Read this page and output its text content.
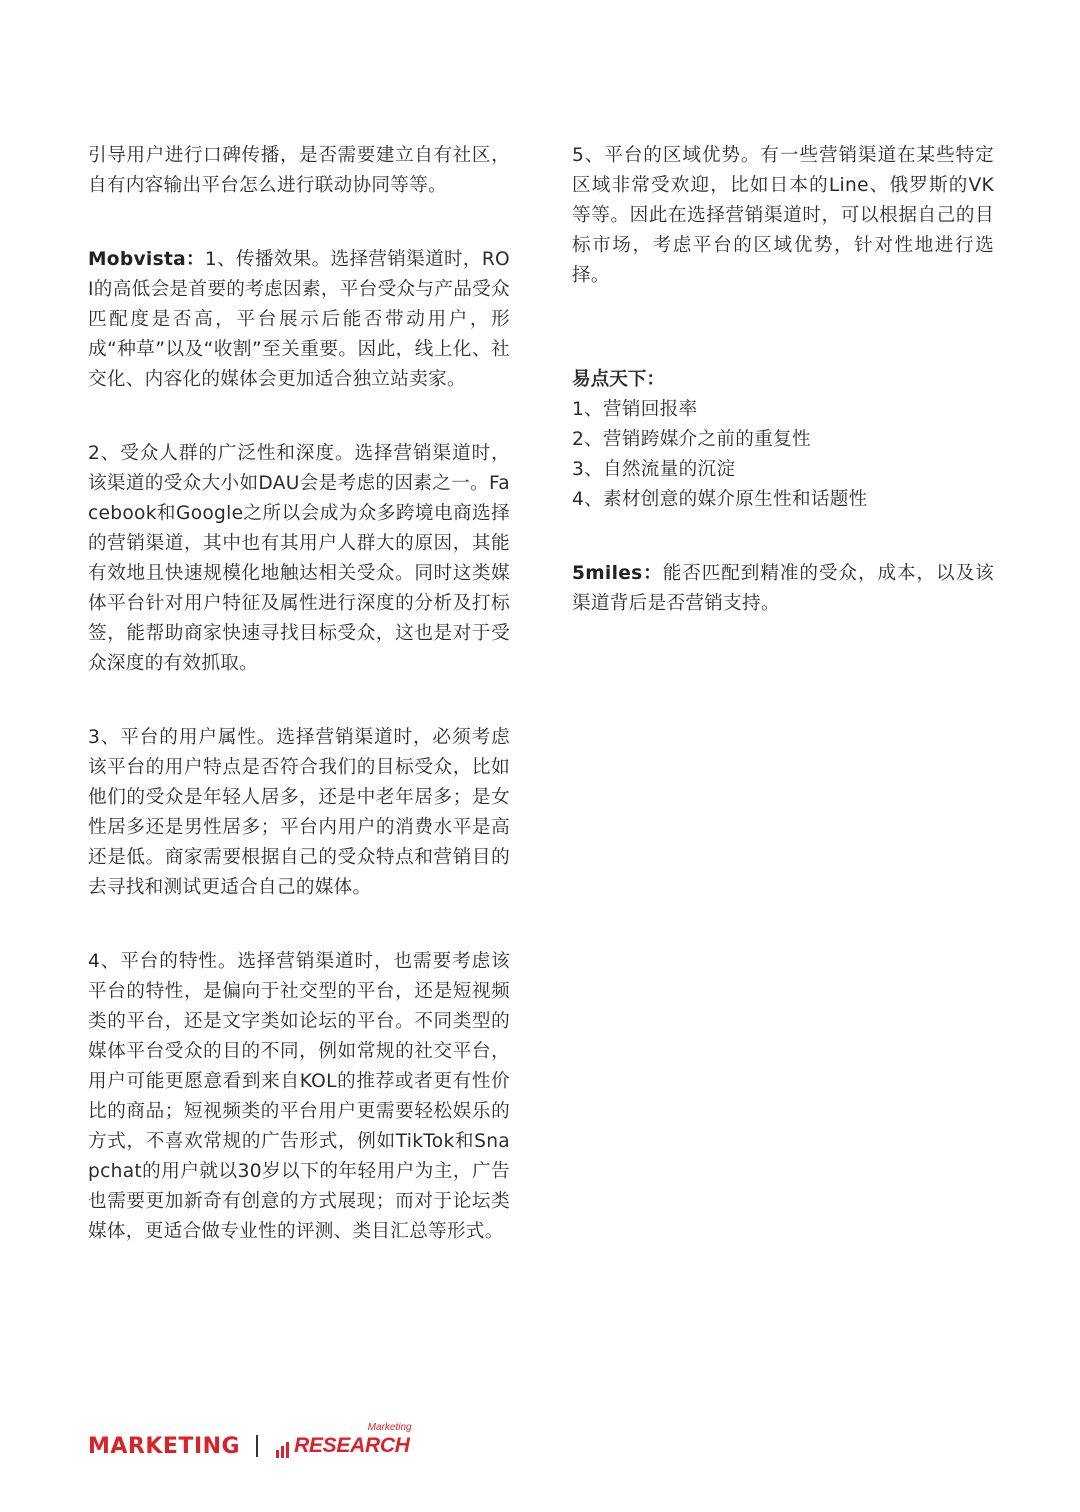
引导用户进行口碑传播，是否需要建立自有社区，自有内容输出平台怎么进行联动协同等等。

Mobvista：1、传播效果。选择营销渠道时，ROI的高低会是首要的考虑因素，平台受众与产品受众匹配度是否高，平台展示后能否带动用户，形成“种草”以及“收割”至关重要。因此，线上化、社交化、内容化的媒体会更加适合独立站卖家。

2、受众人群的广泛性和深度。选择营销渠道时，该渠道的受众大小如DAU会是考虑的因素之一。Facebook和Google之所以会成为众多跨境电商选择的营销渠道，其中也有其用户人群大的原因，其能有效地且快速规模化地触达相关受众。同时这类媒体平台针对用户特征及属性进行深度的分析及打标签，能帮助商家快速寻找目标受众，这也是对于受众深度的有效抓取。

3、平台的用户属性。选择营销渠道时，必须考虑该平台的用户特点是否符合我们的目标受众，比如他们的受众是年轻人居多，还是中老年居多；是女性居多还是男性居多；平台内用户的消费水平是高还是低。商家需要根据自己的受众特点和营销目的去寻找和测试更适合自己的媒体。

4、平台的特性。选择营销渠道时，也需要考虑该平台的特性，是偏向于社交型的平台，还是短视频类的平台，还是文字类如论坛的平台。不同类型的媒体平台受众的目的不同，例如常规的社交平台，用户可能更愿意看到来自KOL的推荐或者更有性价比的商品；短视频类的平台用户更需要轻松娱乐的方式，不喜欢常规的广告形式，例如TikTok和Snapchat的用户就以30岁以下的年轻用户为主，广告也需要更加新奇有创意的方式展现；而对于论坛类媒体，更适合做专业性的评测、类目汇总等形式。

5、平台的区域优势。有一些营销渠道在某些特定区域非常受欢迎，比如日本的Line、俄罗斯的VK等等。因此在选择营销渠道时，可以根据自己的目标市场，考虑平台的区域优势，针对性地进行选择。

易点天下：

1、营销回报率
2、营销跨媒介之前的重复性
3、自然流量的沉淀
4、素材创意的媒介原生性和话题性

5miles：能否匹配到精准的受众，成本，以及该渠道背后是否营销支持。

MARKETING	RESEARCH
Marketing
